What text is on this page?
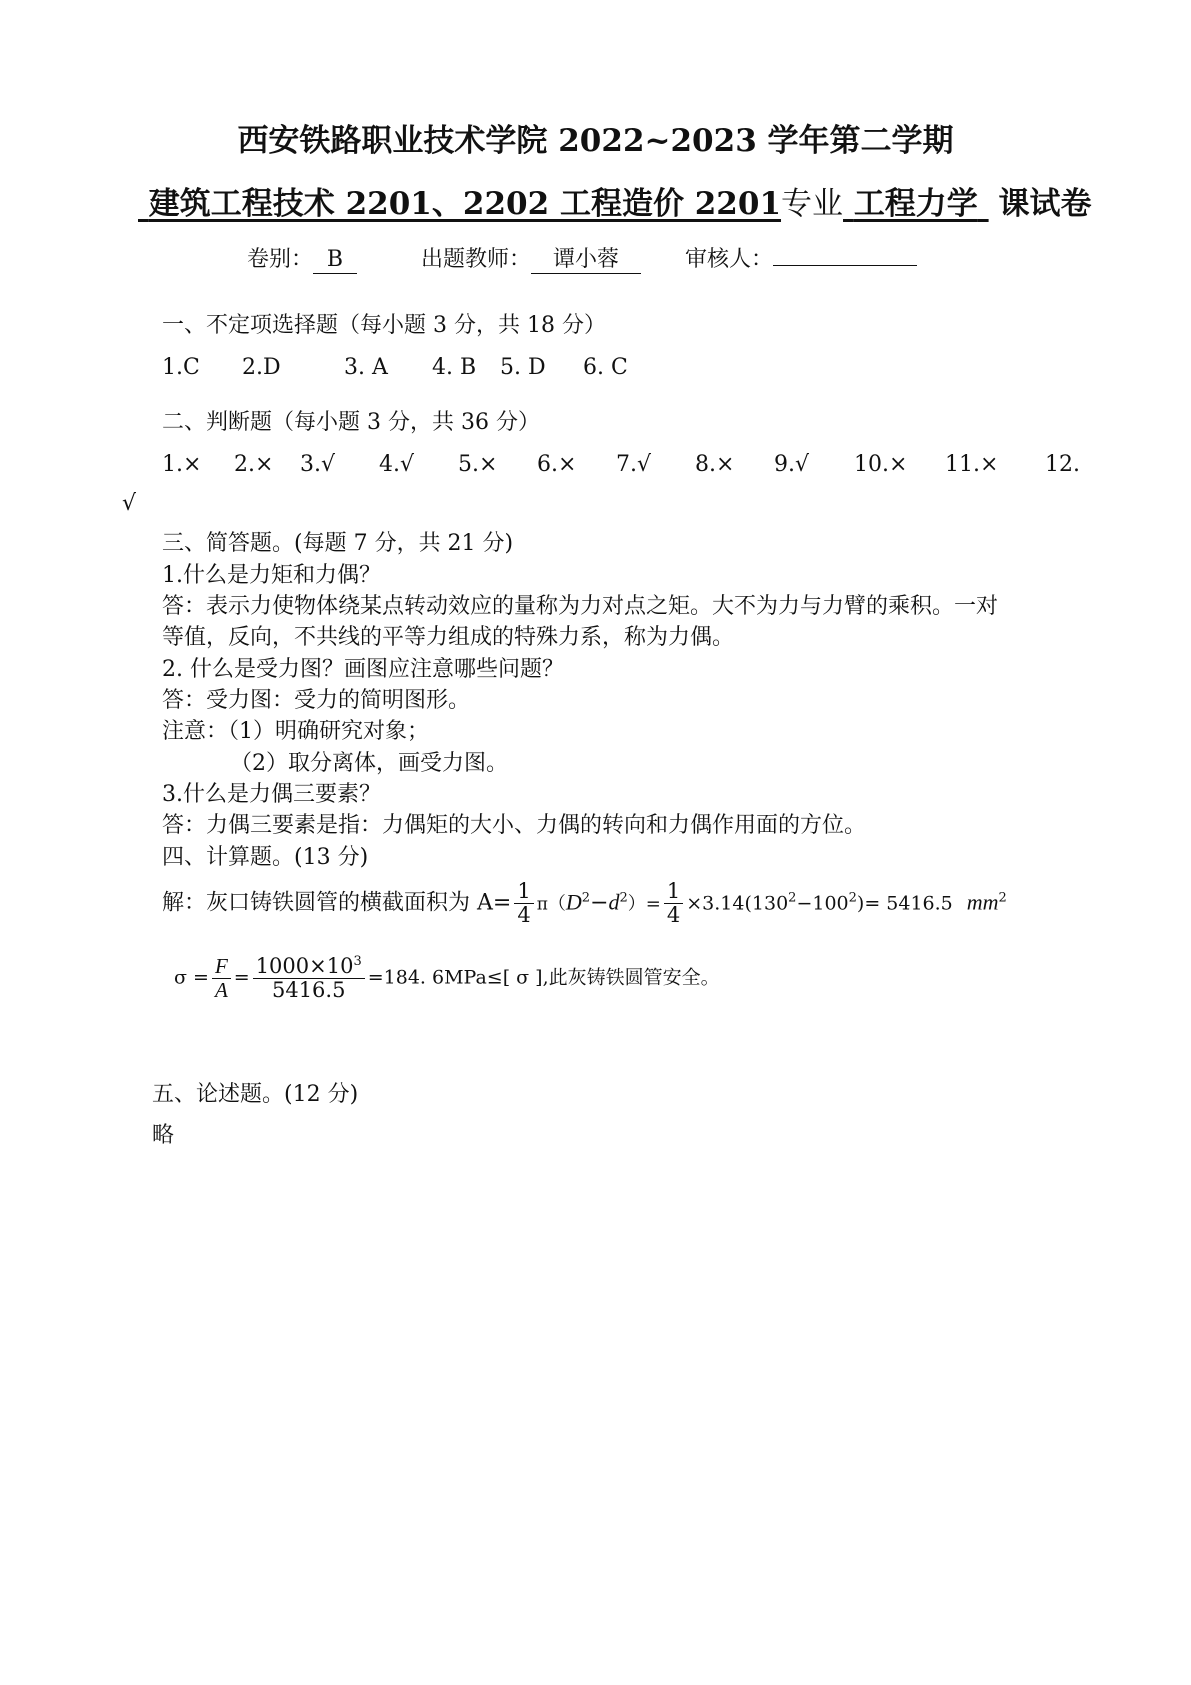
西安铁路职业技术学院 2022~2023 学年第二学期
建筑工程技术 2201、2202 工程造价 2201专业 工程力学 课试卷
卷别： B	出题教师： 谭小蓉	审核人：
一、不定项选择题（每小题 3 分，共 18 分）
1.C 2.D	3. A 4. B 5. D 6. C
二、判断题（每小题 3 分，共 36 分）
1.× 2.× 3.√ 4.√ 5.× 6.× 7.√ 8.× 9.√ 10.× 11.× 12.
√
三、简答题。(每题 7 分，共 21 分)
1.什么是力矩和力偶？
答：表示力使物体绕某点转动效应的量称为力对点之矩。大不为力与力臂的乘积。一对
等值，反向，不共线的平等力组成的特殊力系，称为力偶。
2. 什么是受力图？画图应注意哪些问题？
答：受力图：受力的简明图形。
注意：（1）明确研究对象；
（2）取分离体，画受力图。
3.什么是力偶三要素？
答：力偶三要素是指：力偶矩的大小、力偶的转向和力偶作用面的方位。
四、计算题。(13 分)
解：灰口铸铁圆管的横截面积为 $A= \frac{1}{4} \pi(D^2-d^2)= \frac{1}{4} \times 3.14(130^2-100^2)= 5416.5$ $mm^2$
$\sigma = \frac{F}{A} = \frac{1000\times 10^3}{5416.5} =184$. 6MPa≤[ σ ],此灰铸铁圆管安全。
五、论述题。(12 分)
略
